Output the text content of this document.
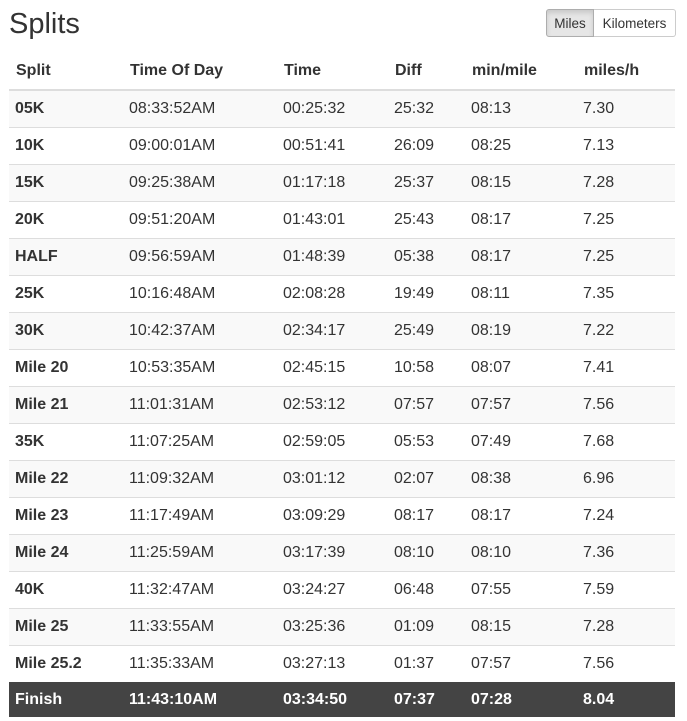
Splits	Miles	Kilometers
Split	Time Of Day	Time	Diff	min/mile	miles/h
05K	08:33:52AM	00:25:32	25:32	08:13	7.30
10K	09:00:01AM	00:51:41	26:09	08:25	7.13
15K	09:25:38AM	01:17:18	25:37	08:15	7.28
20K	09:51:20AM	01:43:01	25:43	08:17	7.25
HALF	09:56:59AM	01:48:39	05:38	08:17	7.25
25K	10:16:48AM	02:08:28	19:49	08:11	7.35
30K	10:42:37AM	02:34:17	25:49	08:19	7.22
Mile 20	10:53:35AM	02:45:15	10:58	08:07	7.41
Mile 21	11:01:31AM	02:53:12	07:57	07:57	7.56
35K	11:07:25AM	02:59:05	05:53	07:49	7.68
Mile 22	11:09:32AM	03:01:12	02:07	08:38	6.96
Mile 23	11:17:49AM	03:09:29	08:17	08:17	7.24
Mile 24	11:25:59AM	03:17:39	08:10	08:10	7.36
40K	11:32:47AM	03:24:27	06:48	07:55	7.59
Mile 25	11:33:55AM	03:25:36	01:09	08:15	7.28
Mile 25.2	11:35:33AM	03:27:13	01:37	07:57	7.56
Finish	11:43:10AM	03:34:50	07:37	07:28	8.04
